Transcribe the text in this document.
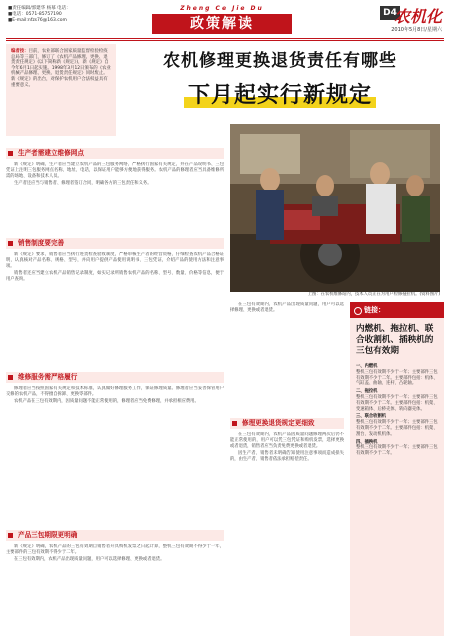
■责任编辑/郭建华 杨慕 电话：
■电话：0571-85757190
■E-mail:nfzs76@163.com
Zheng Ce Jie Du
政策解读
D4
农机化
2010年5月8日/星期六
编者按：目前，农业部联合国家质量监督检验检疫总局等三部门，修订了《农机产品修理、更换、退货责任规定》(以下简称新《规定》)，新《规定》自今年6月1日起实施。1998年3月12日颁布的《农业机械产品修理、更换、退货责任规定》同时废止。新《规定》的出台，对保护农机用户合法权益具有重要意义。
农机修理更换退货责任有哪些
下月起实行新规定
上图：在农机维修站内，技术人员正在为用户检修拖拉机。(资料图片)
生产者需建立维修网点

新《规定》明确，生产者应当建立农机产品的三包服务网络，严格执行国家有关规定，并在产品说明书、三包凭证上注明三包服务网点名称、地址、电话，以保证用户能够方便地获得服务。农机产品的修理者应当具备维修所需的场地、设备和技术人员。

生产者还应当与销售者、修理者签订合同，明确各方的三包责任和义务。

销售制度要完善

新《规定》要求，销售者应当执行进货检查验收制度，严格审核生产者的经营资格，仔细检查农机产品合格证明，认真核对产品名称、规格、型号，并向用户提供产品使用说明书、三包凭证，介绍产品的使用方法和注意事项。

销售者还应当建立农机产品销售记录制度，如实记录所销售农机产品的名称、型号、数量、价格等信息，便于用户查询。

维修服务需严格履行

修理者应当按照国家有关规定和技术标准，认真做好修理服务工作，保证修理质量。修理者应当妥善保管用户交修的农机产品，不得擅自拆卸、更换零部件。

农机产品在三包有效期内，因质量问题不能正常使用的，修理者应当免费修理，并承担相应费用。

产品三包期限更明确

新《规定》明确，农机产品的三包有效期自销售者开具购机发票之日起计算，整机三包有效期不得少于一年，主要部件的三包有效期不得少于二年。

在三包有效期内，农机产品出现质量问题，用户可以选择修理、更换或者退货。

在三包有效期内，农机产品出现质量问题，用户可以选择修理、更换或者退货。

修理更换退货规定更细致

在三包有效期内，农机产品因质量问题修理两次后仍不能正常使用的，用户可以凭三包凭证和购机发票，选择更换或者退货，销售者应当负责免费更换或者退货。

因生产者、销售者未明确告知使用注意事项而造成损失的，由生产者、销售者依法承担赔偿责任。

链接：
内燃机、拖拉机、联合收割机、插秧机的三包有效期
一、内燃机
整机三包有效期不少于一年；主要部件三包有效期不少于二年。主要部件包括：机体、气缸盖、曲轴、连杆、凸轮轴。
二、拖拉机
整机三包有效期不少于一年；主要部件三包有效期不少于二年。主要部件包括：机架、变速箱体、后桥壳体、转向器壳体。
三、联合收割机
整机三包有效期不少于一年；主要部件三包有效期不少于二年。主要部件包括：机架、割台、发动机机体。
四、插秧机
整机三包有效期不少于一年；主要部件三包有效期不少于二年。
